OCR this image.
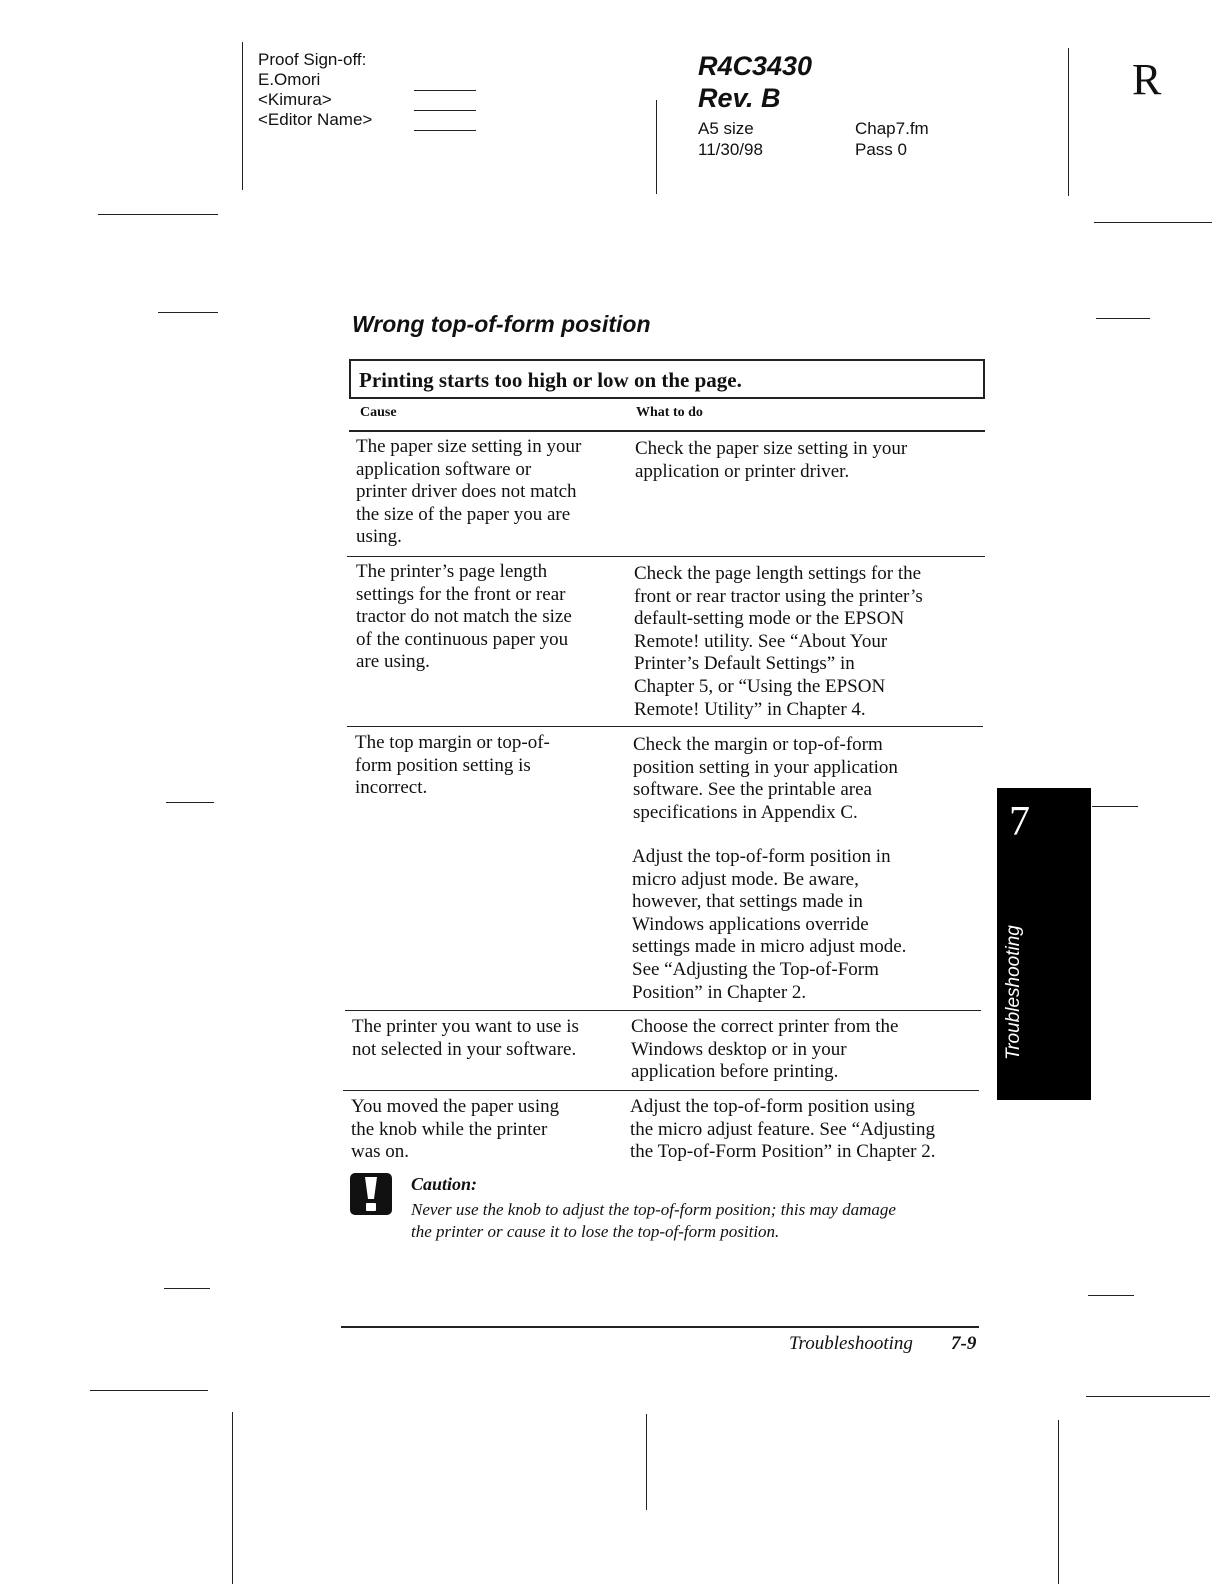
Proof Sign-off:
E.Omori
<Kimura>
<Editor Name>
R4C3430
Rev. B
A5 size
11/30/98
Chap7.fm
Pass 0
R
Wrong top-of-form position
Printing starts too high or low on the page.
Cause	What to do
The paper size setting in your
application software or
printer driver does not match
the size of the paper you are
using.
Check the paper size setting in your
application or printer driver.
The printer’s page length
settings for the front or rear
tractor do not match the size
of the continuous paper you
are using.
Check the page length settings for the
front or rear tractor using the printer’s
default-setting mode or the EPSON
Remote! utility. See “About Your
Printer’s Default Settings” in
Chapter 5, or “Using the EPSON
Remote! Utility” in Chapter 4.
The top margin or top-of-
form position setting is
incorrect.
Check the margin or top-of-form
position setting in your application
software. See the printable area
specifications in Appendix C.
Adjust the top-of-form position in
micro adjust mode. Be aware,
however, that settings made in
Windows applications override
settings made in micro adjust mode.
See “Adjusting the Top-of-Form
Position” in Chapter 2.
The printer you want to use is
not selected in your software.
Choose the correct printer from the
Windows desktop or in your
application before printing.
You moved the paper using
the knob while the printer
was on.
Adjust the top-of-form position using
the micro adjust feature. See “Adjusting
the Top-of-Form Position” in Chapter 2.
Caution:
Never use the knob to adjust the top-of-form position; this may damage
the printer or cause it to lose the top-of-form position.
7
Troubleshooting
Troubleshooting 7-9
